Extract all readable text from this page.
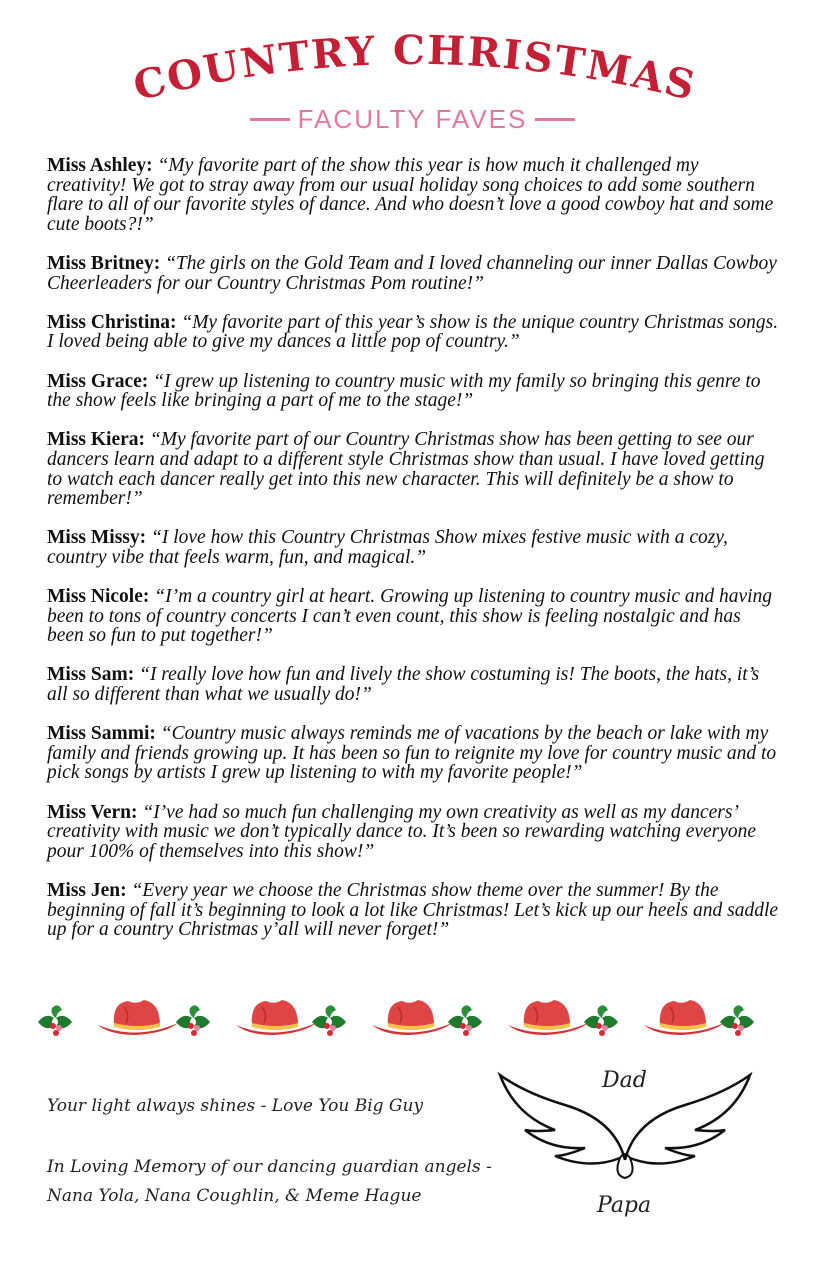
COUNTRY CHRISTMAS
FACULTY FAVES

Miss Ashley: “My favorite part of the show this year is how much it challenged my creativity! We got to stray away from our usual holiday song choices to add some southern flare to all of our favorite styles of dance. And who doesn’t love a good cowboy hat and some cute boots?!”

Miss Britney: “The girls on the Gold Team and I loved channeling our inner Dallas Cowboy Cheerleaders for our Country Christmas Pom routine!”

Miss Christina: “My favorite part of this year’s show is the unique country Christmas songs. I loved being able to give my dances a little pop of country.”

Miss Grace: “I grew up listening to country music with my family so bringing this genre to the show feels like bringing a part of me to the stage!”

Miss Kiera: “My favorite part of our Country Christmas show has been getting to see our dancers learn and adapt to a different style Christmas show than usual. I have loved getting to watch each dancer really get into this new character. This will definitely be a show to remember!”

Miss Missy: “I love how this Country Christmas Show mixes festive music with a cozy, country vibe that feels warm, fun, and magical.”

Miss Nicole: “I’m a country girl at heart. Growing up listening to country music and having been to tons of country concerts I can’t even count, this show is feeling nostalgic and has been so fun to put together!”

Miss Sam: “I really love how fun and lively the show costuming is! The boots, the hats, it’s all so different than what we usually do!”

Miss Sammi: “Country music always reminds me of vacations by the beach or lake with my family and friends growing up. It has been so fun to reignite my love for country music and to pick songs by artists I grew up listening to with my favorite people!”

Miss Vern: “I’ve had so much fun challenging my own creativity as well as my dancers’ creativity with music we don’t typically dance to. It’s been so rewarding watching everyone pour 100% of themselves into this show!”

Miss Jen: “Every year we choose the Christmas show theme over the summer! By the beginning of fall it’s beginning to look a lot like Christmas! Let’s kick up our heels and saddle up for a country Christmas y’all will never forget!”

Your light always shines - Love You Big Guy
In Loving Memory of our dancing guardian angels -
Nana Yola, Nana Coughlin, & Meme Hague
Dad
Papa
